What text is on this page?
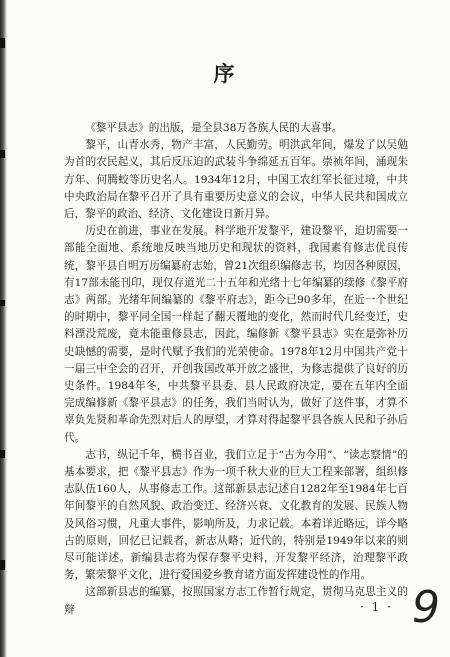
序

《黎平县志》的出版，是全县38万各族人民的大喜事。

黎平，山青水秀，物产丰富，人民勤劳。明洪武年间，爆发了以吴勉为首的农民起义，其后反压迫的武装斗争绵延五百年。崇祯年间，涌现朱方年、何腾蛟等历史名人。1934年12月，中国工农红军长征过境，中共中央政治局在黎平召开了具有重要历史意义的会议，中华人民共和国成立后，黎平的政治、经济、文化建设日新月异。

历史在前进，事业在发展。科学地开发黎平，建设黎平，迫切需要一部能全面地、系统地反映当地历史和现状的资料，我国素有修志优良传统，黎平县自明万历编纂府志始，曾21次组织编修志书，均因各种原因，有17部未能刊印，现仅存道光二十五年和光绪十七年编纂的续修《黎平府志》两部。光绪年间编纂的《黎平府志》，距今已90多年，在近一个世纪的时期中，黎平同全国一样起了翻天覆地的变化，然而时代几经变迁，史料湮没荒废，竟未能重修县志，因此，编修新《黎平县志》实在是弥补历史缺憾的需要，是时代赋予我们的光荣使命。1978年12月中国共产党十一届三中全会的召开，开创我国改革开放之盛世，为修志提供了良好的历史条件。1984年冬，中共黎平县委、县人民政府决定，要在五年内全面完成编修新《黎平县志》的任务，我们当时认为，做好了这件事，才算不辜负先贤和革命先烈对后人的厚望，才算对得起黎平县各族人民和子孙后代。

志书，纵记千年，横书百业，我们立足于“古为今用”、“读志察情”的基本要求，把《黎平县志》作为一项千秋大业的巨大工程来部署，组织修志队伍160人，从事修志工作。这部新县志记述自1282年至1984年七百年间黎平的自然风貌、政治变迁、经济兴衰、文化教育的发展、民族人物及风俗习惯，凡重大事件，影响所及，力求记载。本着详近略远，详今略古的原则，回忆已记载者，新志从略；近代的，特别是1949年以来的则尽可能详述。新编县志将为保存黎平史料，开发黎平经济，治理黎平政务，繁荣黎平文化，进行爱国爱乡教育诸方面发挥建设性的作用。

这部新县志的编纂，按照国家方志工作暂行规定，贯彻马克思主义的辩	· 1 · 9
